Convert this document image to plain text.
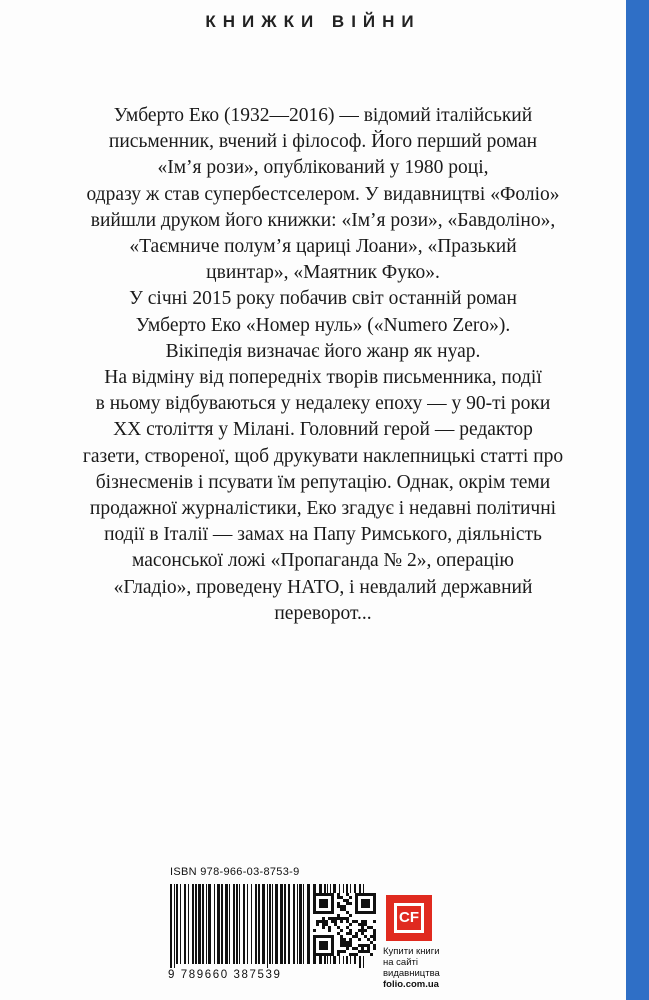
КНИЖКИ ВІЙНИ

Умберто Еко (1932—2016) — відомий італійський
письменник, вчений і філософ. Його перший роман
«Ім’я рози», опублікований у 1980 році,
одразу ж став супербестселером. У видавництві «Фоліо»
вийшли друком його книжки: «Ім’я рози», «Бавдоліно»,
«Таємниче полум’я цариці Лоани», «Празький
цвинтар», «Маятник Фуко».

У січні 2015 року побачив світ останній роман
Умберто Еко «Номер нуль» («Numero Zero»).
Вікіпедія визначає його жанр як нуар.

На відміну від попередніх творів письменника, події
в ньому відбуваються у недалеку епоху — у 90-ті роки
XX століття у Мілані. Головний герой — редактор
газети, створеної, щоб друкувати наклепницькі статті про
бізнесменів і псувати їм репутацію. Однак, окрім теми
продажної журналістики, Еко згадує і недавні політичні
події в Італії — замах на Папу Римського, діяльність
масонської ложі «Пропаганда № 2», операцію
«Гладіо», проведену НАТО, і невдалий державний
переворот...

ISBN 978-966-03-8753-9
9 789660 387539
CF
Купити книги
на сайті
видавництва
folio.com.ua
